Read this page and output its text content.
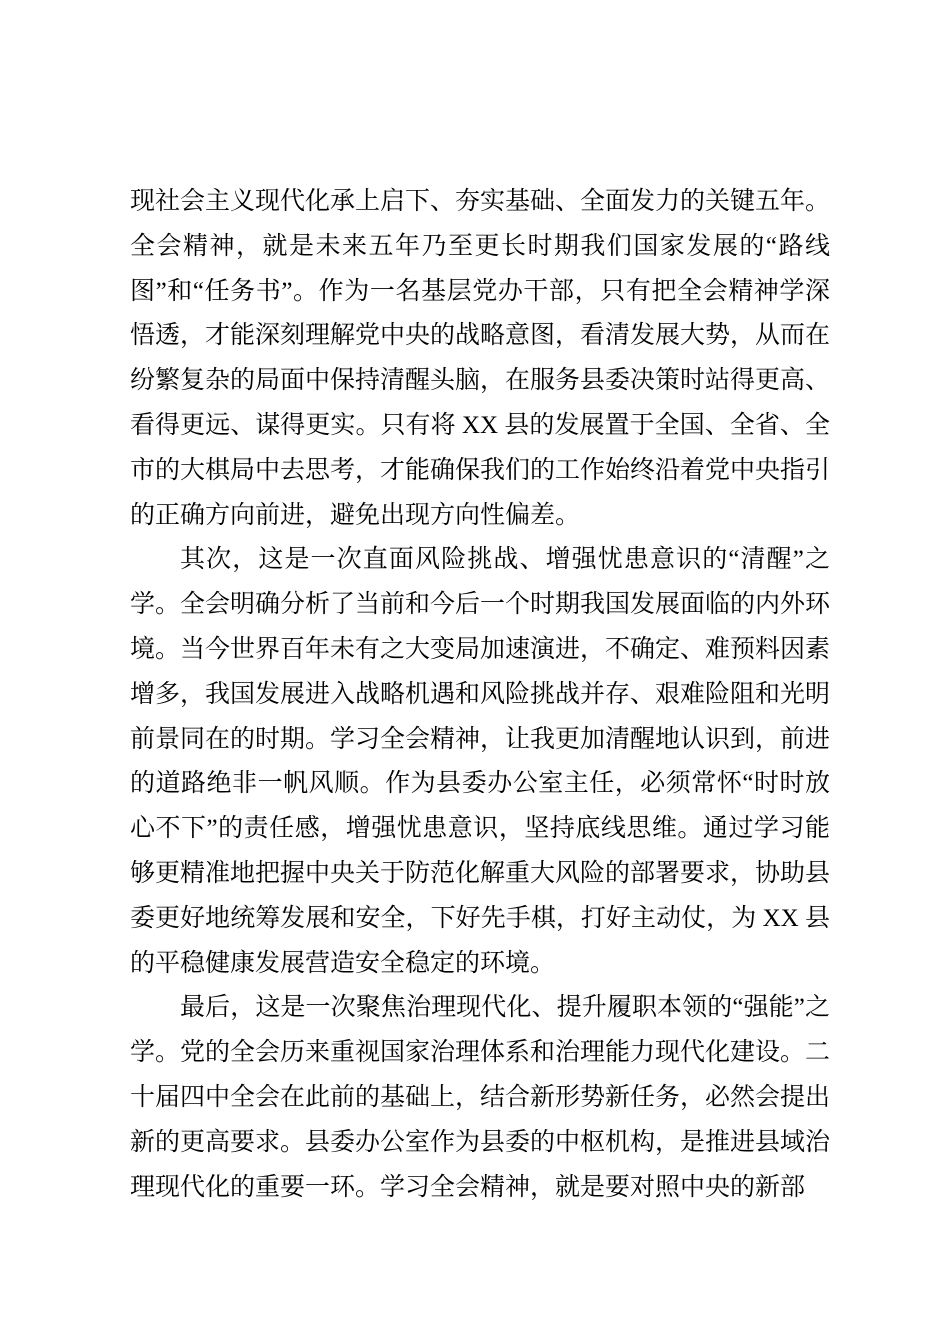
现社会主义现代化承上启下、夯实基础、全面发力的关键五年。全会精神，就是未来五年乃至更长时期我们国家发展的“路线图”和“任务书”。作为一名基层党办干部，只有把全会精神学深悟透，才能深刻理解党中央的战略意图，看清发展大势，从而在纷繁复杂的局面中保持清醒头脑，在服务县委决策时站得更高、看得更远、谋得更实。只有将 XX 县的发展置于全国、全省、全市的大棋局中去思考，才能确保我们的工作始终沿着党中央指引的正确方向前进，避免出现方向性偏差。

其次，这是一次直面风险挑战、增强忧患意识的“清醒”之学。全会明确分析了当前和今后一个时期我国发展面临的内外环境。当今世界百年未有之大变局加速演进，不确定、难预料因素增多，我国发展进入战略机遇和风险挑战并存、艰难险阻和光明前景同在的时期。学习全会精神，让我更加清醒地认识到，前进的道路绝非一帆风顺。作为县委办公室主任，必须常怀“时时放心不下”的责任感，增强忧患意识，坚持底线思维。通过学习能够更精准地把握中央关于防范化解重大风险的部署要求，协助县委更好地统筹发展和安全，下好先手棋，打好主动仗，为 XX 县的平稳健康发展营造安全稳定的环境。

最后，这是一次聚焦治理现代化、提升履职本领的“强能”之学。党的全会历来重视国家治理体系和治理能力现代化建设。二十届四中全会在此前的基础上，结合新形势新任务，必然会提出新的更高要求。县委办公室作为县委的中枢机构，是推进县域治理现代化的重要一环。学习全会精神，就是要对照中央的新部
